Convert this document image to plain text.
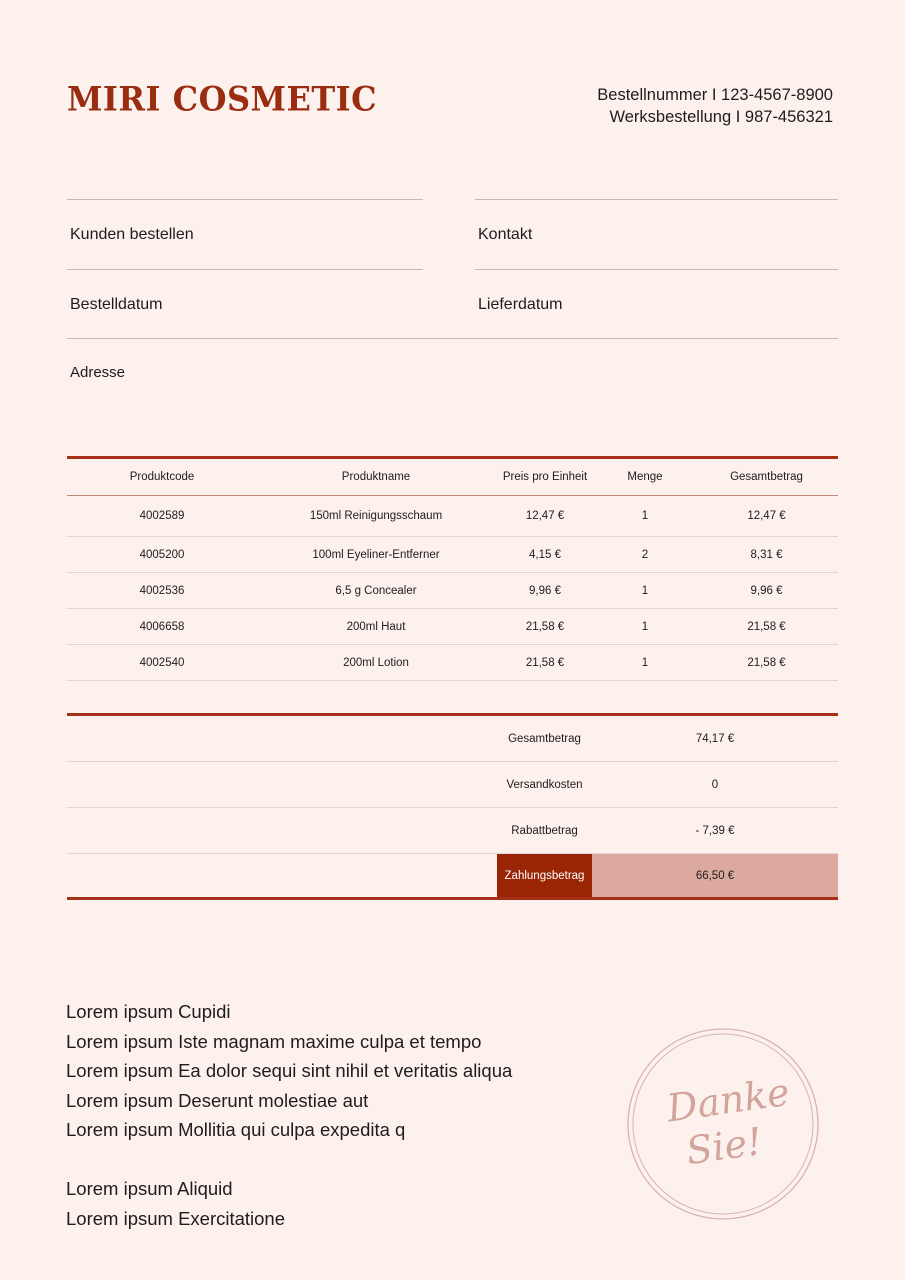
MIRI COSMETIC	Bestellnummer I 123-4567-8900
Werksbestellung I 987-456321
Kunden bestellen	Kontakt
Bestelldatum	Lieferdatum
Adresse
Produktcode	Produktname	Preis pro Einheit	Menge	Gesamtbetrag
4002589	150ml Reinigungsschaum	12,47 €	1	12,47 €
4005200	100ml Eyeliner-Entferner	4,15 €	2	8,31 €
4002536	6,5 g Concealer	9,96 €	1	9,96 €
4006658	200ml Haut	21,58 €	1	21,58 €
4002540	200ml Lotion	21,58 €	1	21,58 €
Gesamtbetrag	74,17 €
Versandkosten	0
Rabattbetrag	- 7,39 €
Zahlungsbetrag	66,50 €
Lorem ipsum Cupidi
Lorem ipsum Iste magnam maxime culpa et tempo
Lorem ipsum Ea dolor sequi sint nihil et veritatis aliqua
Lorem ipsum Deserunt molestiae aut
Lorem ipsum Mollitia qui culpa expedita q
Lorem ipsum Aliquid
Lorem ipsum Exercitatione
Danke
Sie!
